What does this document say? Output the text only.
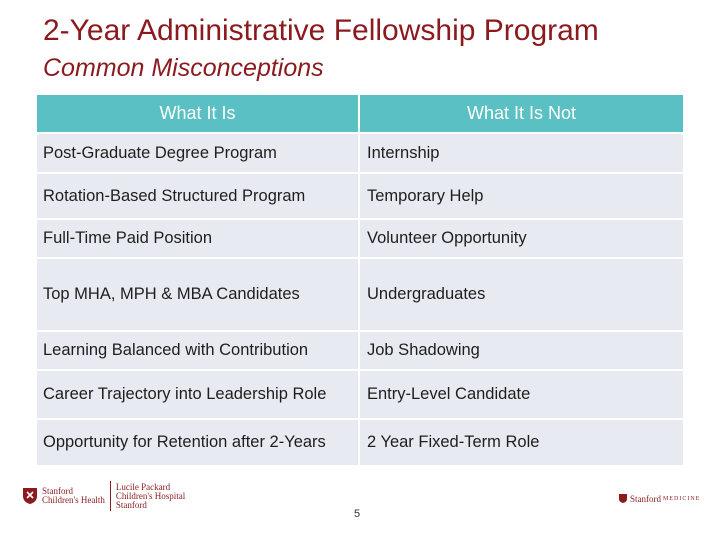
2-Year Administrative Fellowship Program
Common Misconceptions
What It Is	What It Is Not
Post-Graduate Degree Program	Internship
Rotation-Based Structured Program	Temporary Help
Full-Time Paid Position	Volunteer Opportunity
Top MHA, MPH & MBA Candidates	Undergraduates
Learning Balanced with Contribution	Job Shadowing
Career Trajectory into Leadership Role	Entry-Level Candidate
Opportunity for Retention after 2-Years	2 Year Fixed-Term Role
Stanford
Children's Health
Lucile Packard
Children's Hospital
Stanford
5
Stanford MEDICINE
